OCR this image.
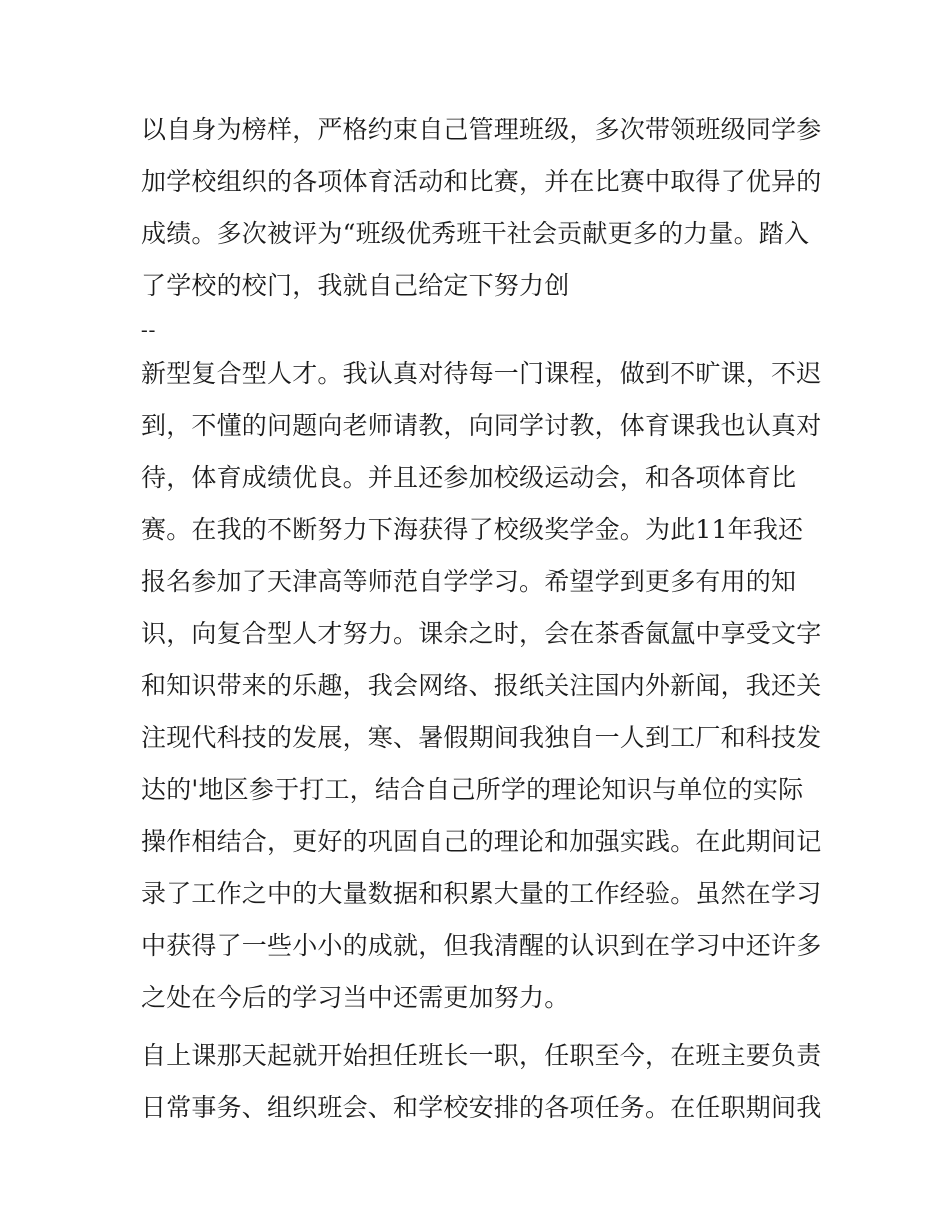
以自身为榜样，严格约束自己管理班级，多次带领班级同学参

加学校组织的各项体育活动和比赛，并在比赛中取得了优异的

成绩。多次被评为“班级优秀班干社会贡献更多的力量。踏入

了学校的校门，我就自己给定下努力创

--

新型复合型人才。我认真对待每一门课程，做到不旷课，不迟

到，不懂的问题向老师请教，向同学讨教，体育课我也认真对

待，体育成绩优良。并且还参加校级运动会，和各项体育比

赛。在我的不断努力下海获得了校级奖学金。为此11年我还

报名参加了天津高等师范自学学习。希望学到更多有用的知

识，向复合型人才努力。课余之时，会在茶香氤氲中享受文字

和知识带来的乐趣，我会网络、报纸关注国内外新闻，我还关

注现代科技的发展，寒、暑假期间我独自一人到工厂和科技发

达的'地区参于打工，结合自己所学的理论知识与单位的实际

操作相结合，更好的巩固自己的理论和加强实践。在此期间记

录了工作之中的大量数据和积累大量的工作经验。虽然在学习

中获得了一些小小的成就，但我清醒的认识到在学习中还许多

之处在今后的学习当中还需更加努力。

自上课那天起就开始担任班长一职，任职至今，在班主要负责

日常事务、组织班会、和学校安排的各项任务。在任职期间我
